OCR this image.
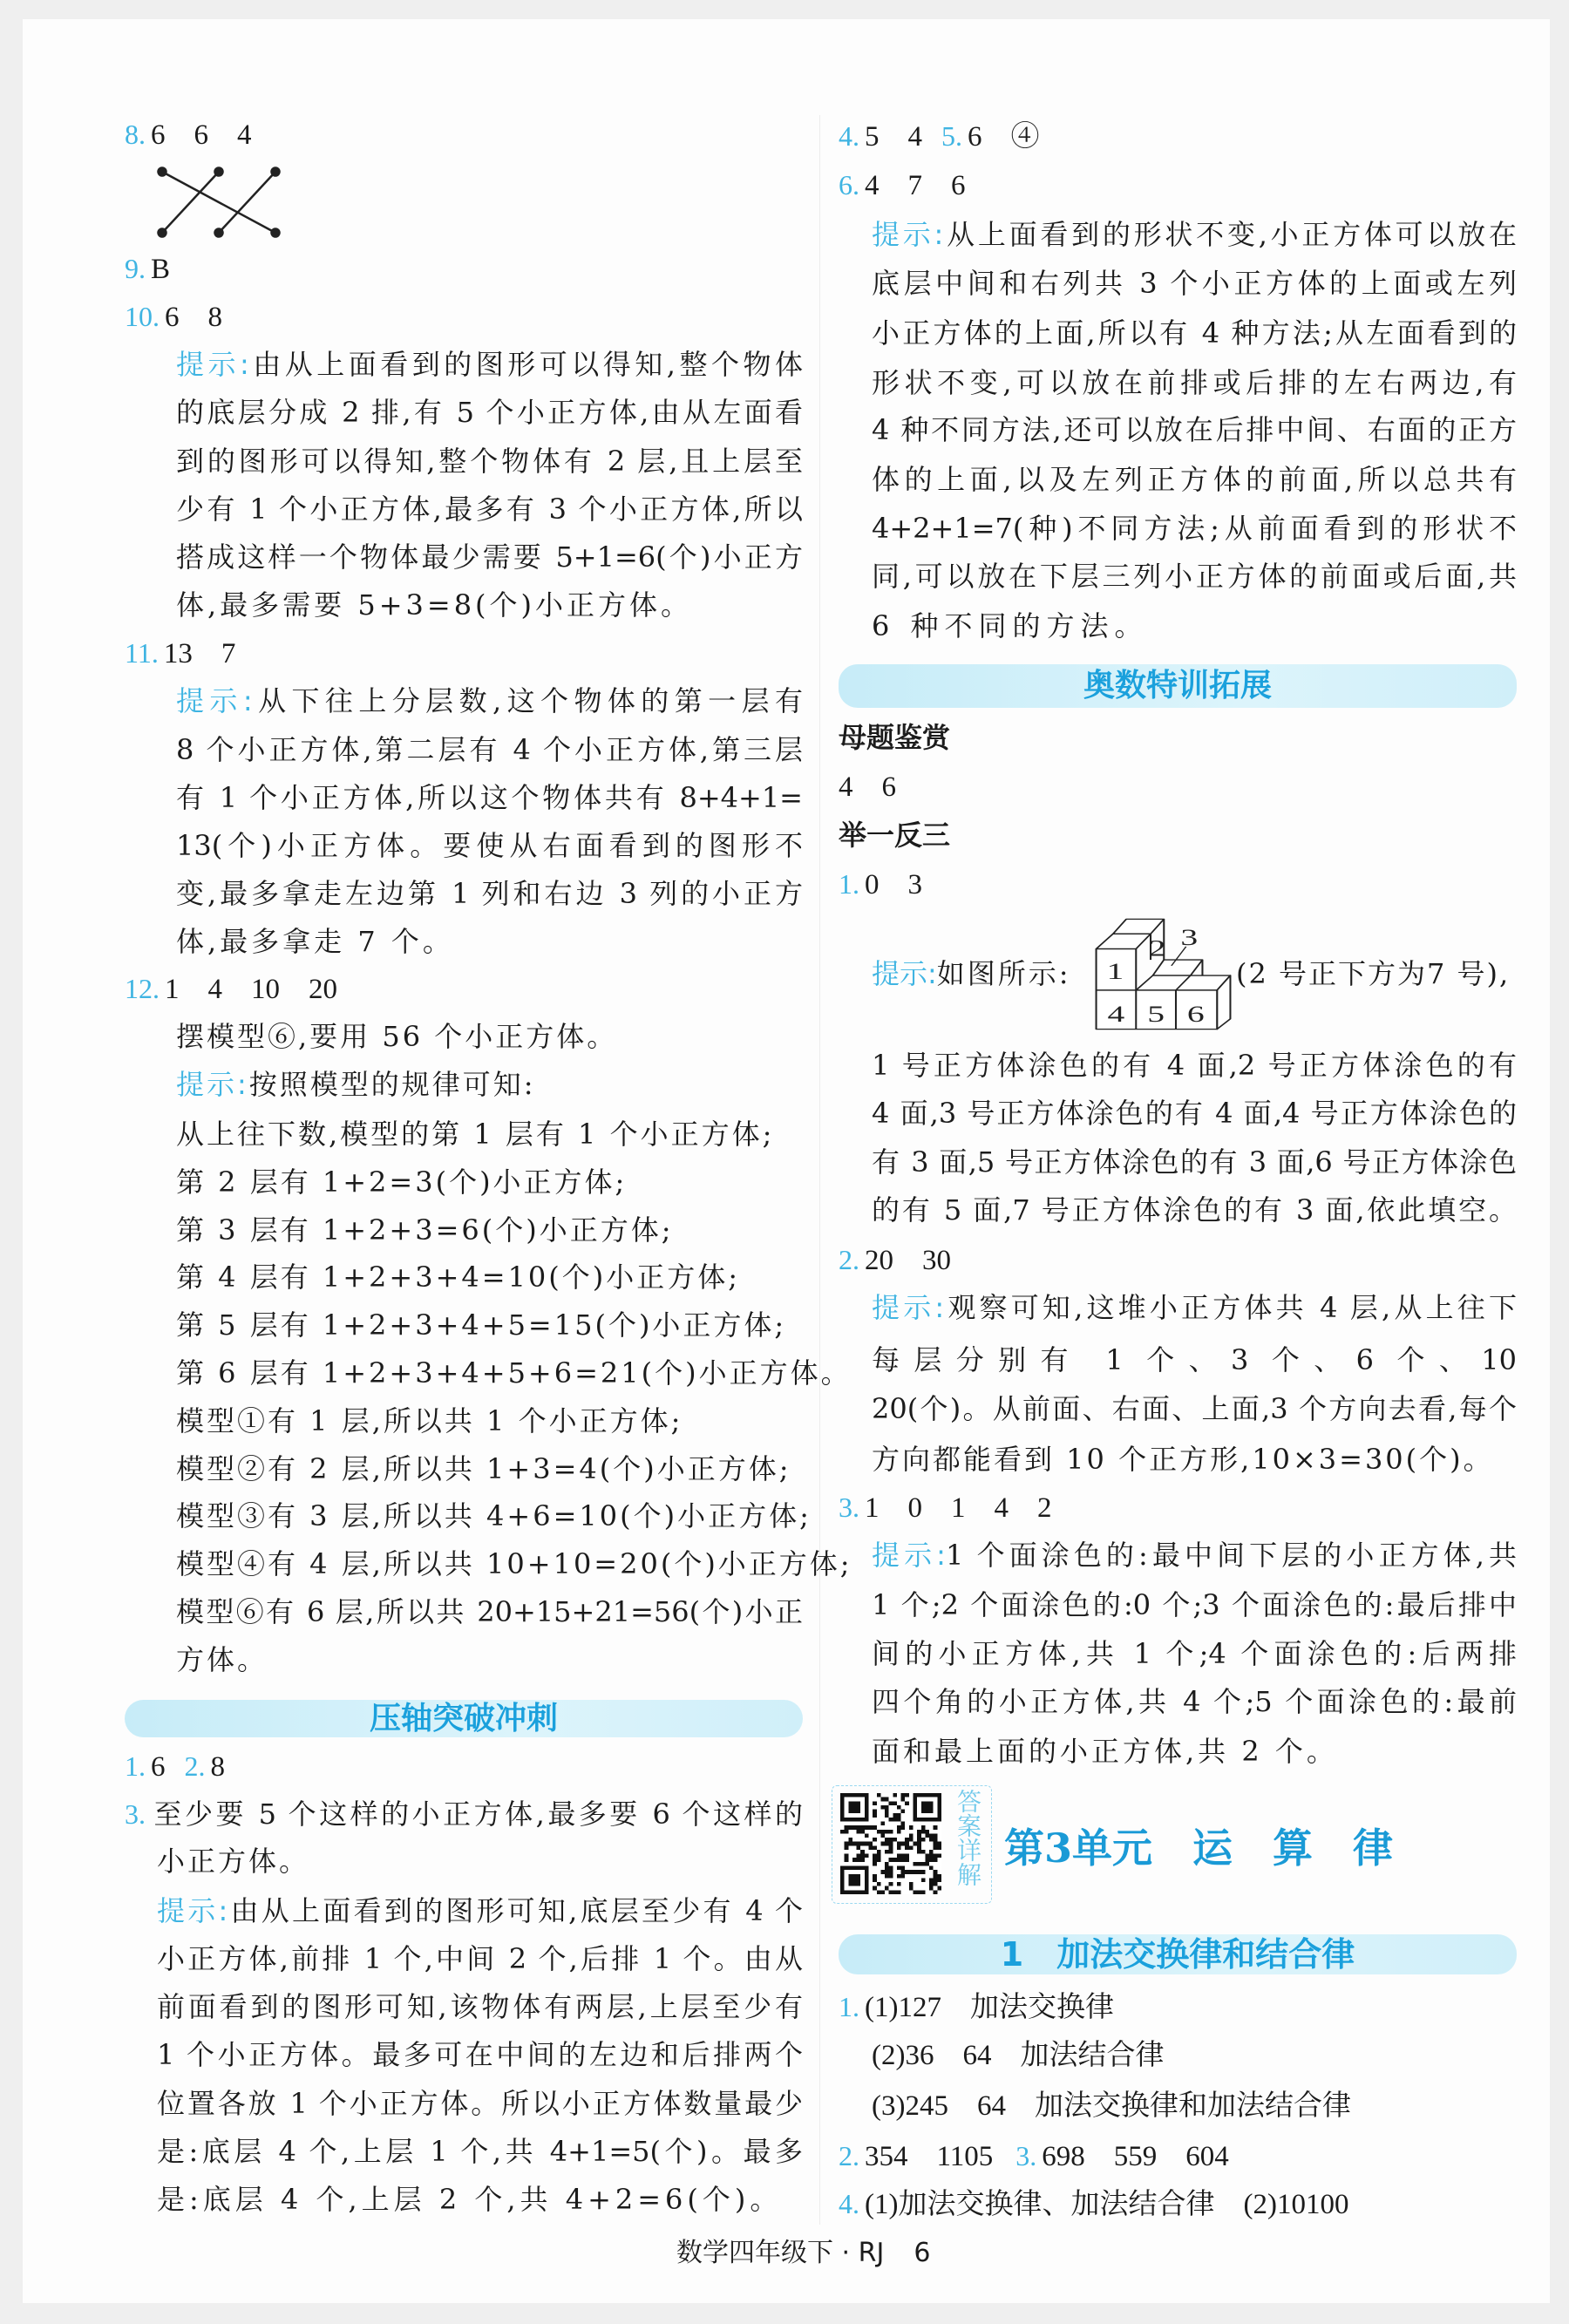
8. 6　6　4
9. B
10. 6　8
提示:由从上面看到的图形可以得知,整个物体
的底层分成 2 排,有 5 个小正方体,由从左面看
到的图形可以得知,整个物体有 2 层,且上层至
少有 1 个小正方体,最多有 3 个小正方体,所以
搭成这样一个物体最少需要 5+1=6(个)小正方
体,最多需要 5+3=8(个)小正方体。
11. 13　7
提示:从下往上分层数,这个物体的第一层有
8 个小正方体,第二层有 4 个小正方体,第三层
有 1 个小正方体,所以这个物体共有 8+4+1=
13(个)小正方体。要使从右面看到的图形不
变,最多拿走左边第 1 列和右边 3 列的小正方
体,最多拿走 7 个。
12. 1　4　10　20
摆模型⑥,要用 56 个小正方体。
提示:按照模型的规律可知:
从上往下数,模型的第 1 层有 1 个小正方体;
第 2 层有 1+2=3(个)小正方体;
第 3 层有 1+2+3=6(个)小正方体;
第 4 层有 1+2+3+4=10(个)小正方体;
第 5 层有 1+2+3+4+5=15(个)小正方体;
第 6 层有 1+2+3+4+5+6=21(个)小正方体。
模型①有 1 层,所以共 1 个小正方体;
模型②有 2 层,所以共 1+3=4(个)小正方体;
模型③有 3 层,所以共 4+6=10(个)小正方体;
模型④有 4 层,所以共 10+10=20(个)小正方体;
模型⑥有 6 层,所以共 20+15+21=56(个)小正
方体。
压轴突破冲刺
1. 6 2. 8
3. 至少要 5 个这样的小正方体,最多要 6 个这样的
小正方体。
提示:由从上面看到的图形可知,底层至少有 4 个
小正方体,前排 1 个,中间 2 个,后排 1 个。由从
前面看到的图形可知,该物体有两层,上层至少有
1 个小正方体。最多可在中间的左边和后排两个
位置各放 1 个小正方体。所以小正方体数量最少
是:底层 4 个,上层 1 个,共 4+1=5(个)。最多
是:底层 4 个,上层 2 个,共 4+2=6(个)。
4. 5　4 5. 6　④
6. 4　7　6
提示:从上面看到的形状不变,小正方体可以放在
底层中间和右列共 3 个小正方体的上面或左列
小正方体的上面,所以有 4 种方法;从左面看到的
形状不变,可以放在前排或后排的左右两边,有
4 种不同方法,还可以放在后排中间、右面的正方
体的上面,以及左列正方体的前面,所以总共有
4+2+1=7(种)不同方法;从前面看到的形状不
同,可以放在下层三列小正方体的前面或后面,共
6 种不同的方法。
奥数特训拓展
母题鉴赏
4　6
举一反三
1. 0　3
提示:如图所示: 1
2 3
4 5 6
(2 号正下方为7 号),
1 号正方体涂色的有 4 面,2 号正方体涂色的有
4 面,3 号正方体涂色的有 4 面,4 号正方体涂色的
有 3 面,5 号正方体涂色的有 3 面,6 号正方体涂色
的有 5 面,7 号正方体涂色的有 3 面,依此填空。
2. 20　30
提示:观察可知,这堆小正方体共 4 层,从上往下
每层分别有 1 个、3 个、6 个、10
20(个)。从前面、右面、上面,3 个方向去看,每个
方向都能看到 10 个正方形,10×3=30(个)。
3. 1　0　1　4　2
提示:1 个面涂色的:最中间下层的小正方体,共
1 个;2 个面涂色的:0 个;3 个面涂色的:最后排中
间的小正方体,共 1 个;4 个面涂色的:后两排
四个角的小正方体,共 4 个;5 个面涂色的:最前
面和最上面的小正方体,共 2 个。
答案详解 第3单元　运　算　律
1　加法交换律和结合律
1. (1)127　加法交换律
(2)36　64　加法结合律
(3)245　64　加法交换律和加法结合律
2. 354　1105 3. 698　559　604
4. (1)加法交换律、加法结合律　(2)10100
数学四年级下 · RJ 6
